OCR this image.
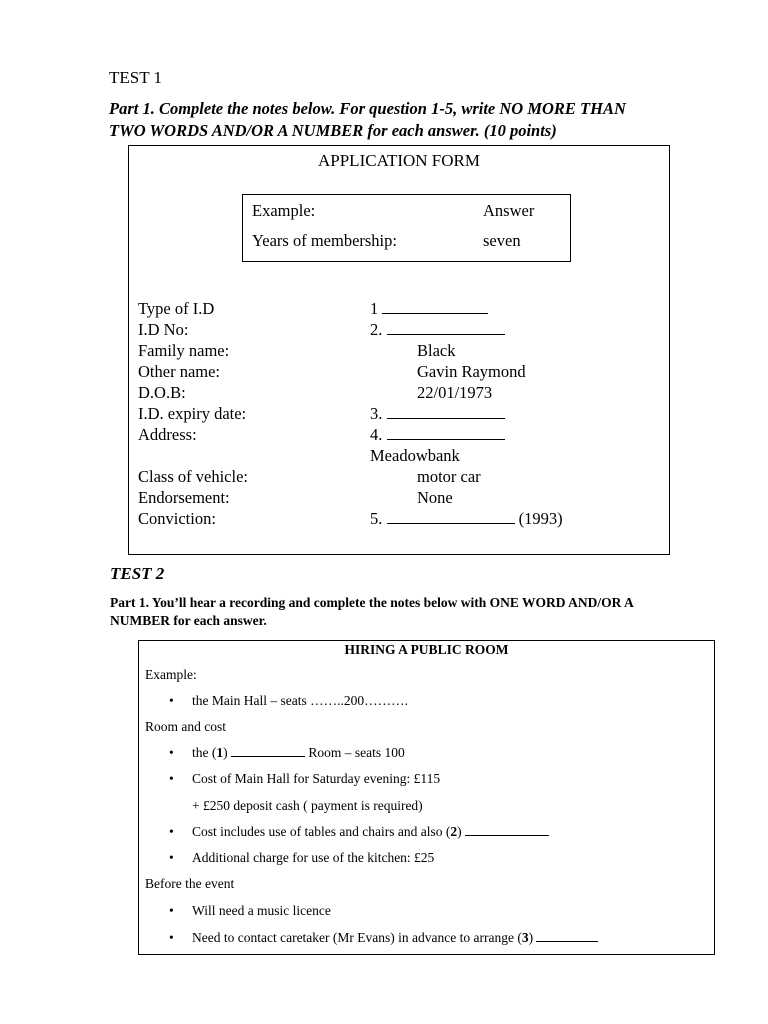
TEST 1
Part 1. Complete the notes below. For question 1-5, write NO MORE THAN
TWO WORDS AND/OR A NUMBER for each answer. (10 points)
APPLICATION FORM
Example:	Answer
Years of membership:	seven
Type of I.D	1
I.D No:	2.
Family name:	Black
Other name:	Gavin Raymond
D.O.B:	22/01/1973
I.D. expiry date:	3.
Address:	4.
Meadowbank
Class of vehicle:	motor car
Endorsement:	None
Conviction:	5.	(1993)
TEST 2
Part 1. You’ll hear a recording and complete the notes below with ONE WORD AND/OR A
NUMBER for each answer.
HIRING A PUBLIC ROOM
Example:
• the Main Hall – seats ……..200……….
Room and cost
• the (1)	Room – seats 100
• Cost of Main Hall for Saturday evening: £115
+ £250 deposit cash ( payment is required)
• Cost includes use of tables and chairs and also (2)
• Additional charge for use of the kitchen: £25
Before the event
• Will need a music licence
• Need to contact caretaker (Mr Evans) in advance to arrange (3)
